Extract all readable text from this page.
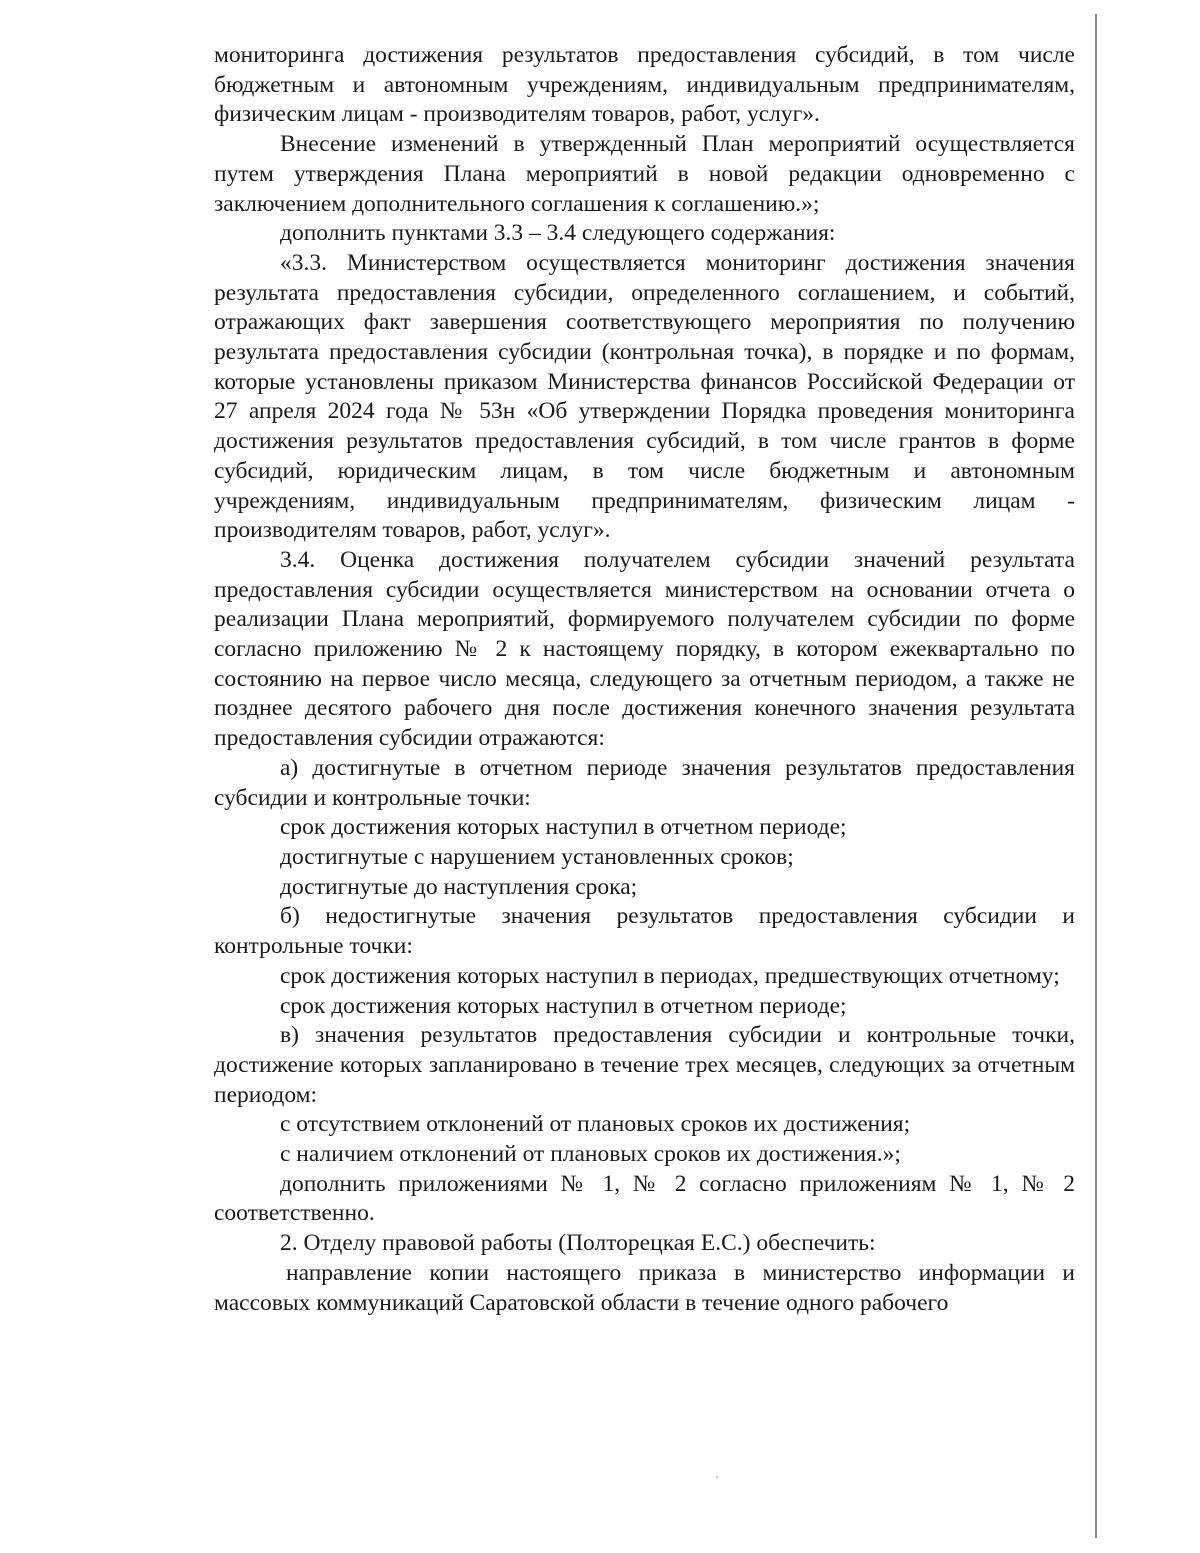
мониторинга достижения результатов предоставления субсидий, в том числе бюджетным и автономным учреждениям, индивидуальным предпринимателям, физическим лицам - производителям товаров, работ, услуг».

Внесение изменений в утвержденный План мероприятий осуществляется путем утверждения Плана мероприятий в новой редакции одновременно с заключением дополнительного соглашения к соглашению.»;

дополнить пунктами 3.3 – 3.4 следующего содержания:

«3.3. Министерством осуществляется мониторинг достижения значения результата предоставления субсидии, определенного соглашением, и событий, отражающих факт завершения соответствующего мероприятия по получению результата предоставления субсидии (контрольная точка), в порядке и по формам, которые установлены приказом Министерства финансов Российской Федерации от 27 апреля 2024 года № 53н «Об утверждении Порядка проведения мониторинга достижения результатов предоставления субсидий, в том числе грантов в форме субсидий, юридическим лицам, в том числе бюджетным и автономным учреждениям, индивидуальным предпринимателям, физическим лицам - производителям товаров, работ, услуг».

3.4. Оценка достижения получателем субсидии значений результата предоставления субсидии осуществляется министерством на основании отчета о реализации Плана мероприятий, формируемого получателем субсидии по форме согласно приложению № 2 к настоящему порядку, в котором ежеквартально по состоянию на первое число месяца, следующего за отчетным периодом, а также не позднее десятого рабочего дня после достижения конечного значения результата предоставления субсидии отражаются:

а) достигнутые в отчетном периоде значения результатов предоставления субсидии и контрольные точки:

срок достижения которых наступил в отчетном периоде;

достигнутые с нарушением установленных сроков;

достигнутые до наступления срока;

б) недостигнутые значения результатов предоставления субсидии и контрольные точки:

срок достижения которых наступил в периодах, предшествующих отчетному;

срок достижения которых наступил в отчетном периоде;

в) значения результатов предоставления субсидии и контрольные точки, достижение которых запланировано в течение трех месяцев, следующих за отчетным периодом:

с отсутствием отклонений от плановых сроков их достижения;

с наличием отклонений от плановых сроков их достижения.»;

дополнить приложениями № 1, № 2 согласно приложениям № 1, № 2 соответственно.

2. Отделу правовой работы (Полторецкая Е.С.) обеспечить:

направление копии настоящего приказа в министерство информации и массовых коммуникаций Саратовской области в течение одного рабочего
